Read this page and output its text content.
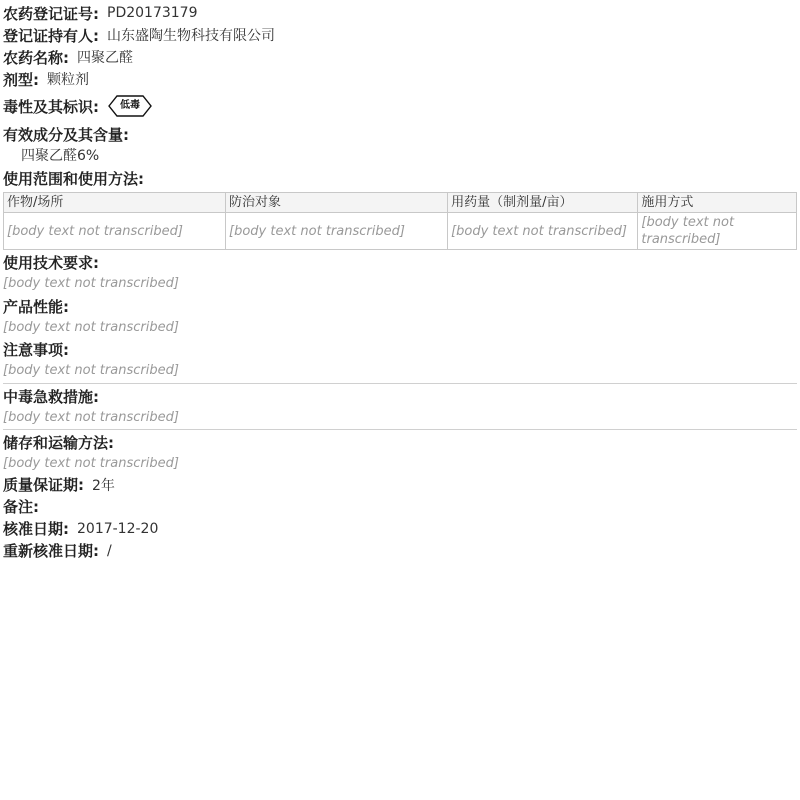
农药登记证号: PD20173179
登记证持有人: 山东盛陶生物科技有限公司
农药名称: 四聚乙醛
剂型: 颗粒剂
毒性及其标识:	低毒
有效成分及其含量:
四聚乙醛6%
使用范围和使用方法:
作物/场所	防治对象	用药量（制剂量/亩）	施用方式
[body text not transcribed]	[body text not transcribed]	[body text not transcribed]	[body text not transcribed]
使用技术要求:
[body text not transcribed]
产品性能:
[body text not transcribed]
注意事项:
[body text not transcribed]
中毒急救措施:
[body text not transcribed]
储存和运输方法:
[body text not transcribed]
质量保证期: 2年
备注:
核准日期: 2017-12-20
重新核准日期: /
